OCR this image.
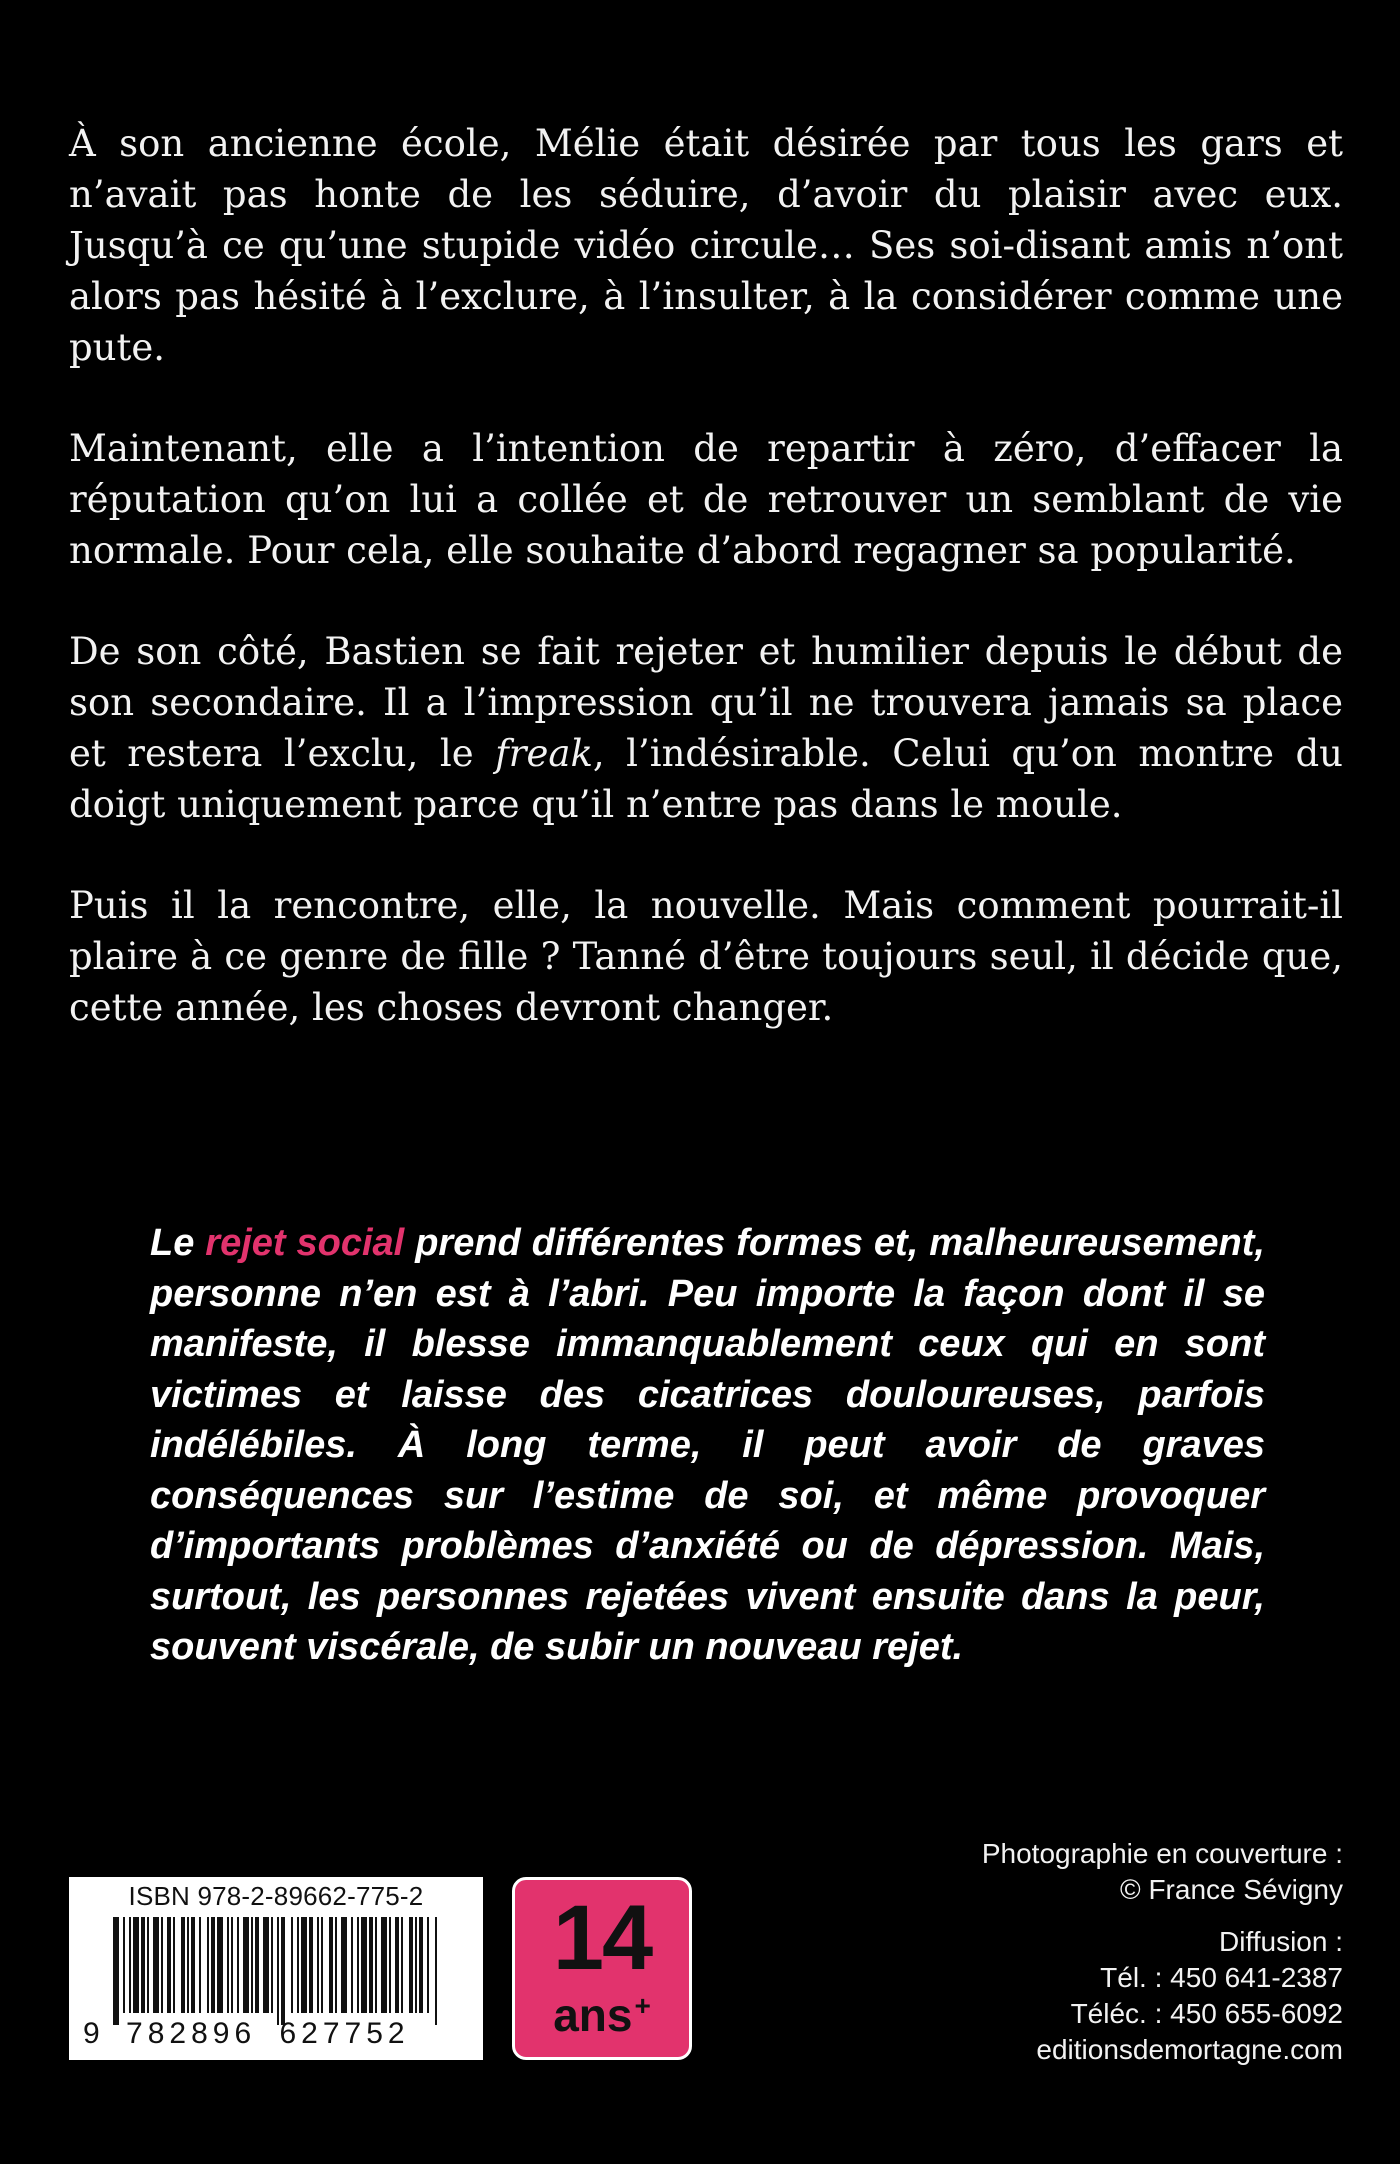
À son ancienne école, Mélie était désirée par tous les gars et n’avait pas honte de les séduire, d’avoir du plaisir avec eux. Jusqu’à ce qu’une stupide vidéo circule… Ses soi-disant amis n’ont alors pas hésité à l’exclure, à l’insulter, à la considérer comme une pute.

Maintenant, elle a l’intention de repartir à zéro, d’effacer la réputation qu’on lui a collée et de retrouver un semblant de vie normale. Pour cela, elle souhaite d’abord regagner sa popularité.

De son côté, Bastien se fait rejeter et humilier depuis le début de son secondaire. Il a l’impression qu’il ne trouvera jamais sa place et restera l’exclu, le freak, l’indésirable. Celui qu’on montre du doigt uniquement parce qu’il n’entre pas dans le moule.

Puis il la rencontre, elle, la nouvelle. Mais comment pourrait-il plaire à ce genre de fille ? Tanné d’être toujours seul, il décide que, cette année, les choses devront changer.

Le rejet social prend différentes formes et, malheureusement, personne n’en est à l’abri. Peu importe la façon dont il se manifeste, il blesse immanquablement ceux qui en sont victimes et laisse des cicatrices douloureuses, parfois indélébiles. À long terme, il peut avoir de graves conséquences sur l’estime de soi, et même provoquer d’importants problèmes d’anxiété ou de dépression. Mais, surtout, les personnes rejetées vivent ensuite dans la peur, souvent viscérale, de subir un nouveau rejet.
ISBN 978-2-89662-775-2
9 782896 627752
14
ans+
Photographie en couverture :
© France Sévigny
Diffusion :
Tél. : 450 641-2387
Téléc. : 450 655-6092
editionsdemortagne.com
